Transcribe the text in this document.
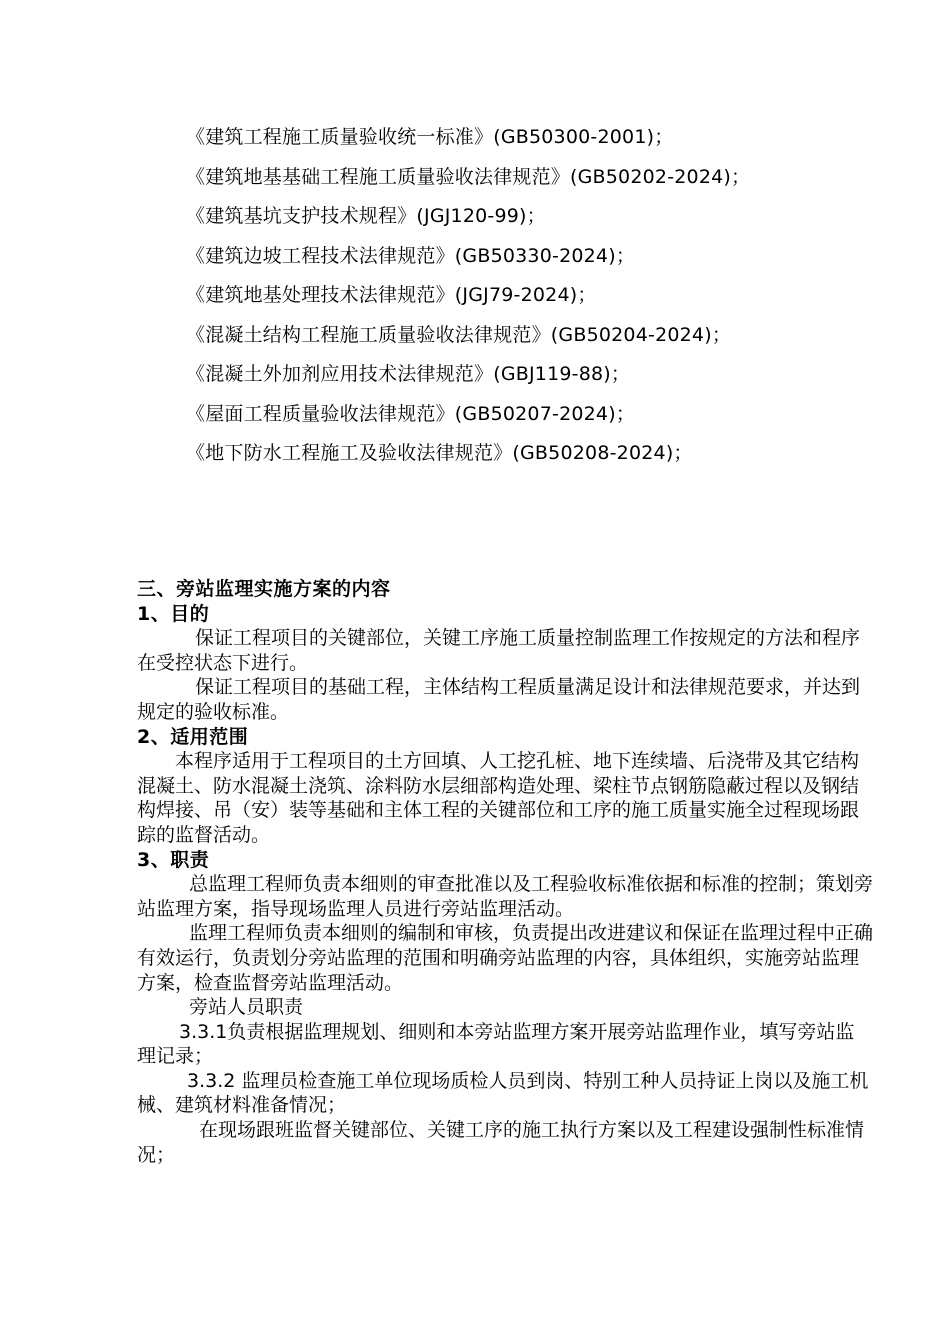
《建筑工程施工质量验收统一标准》(GB50300-2001)；
《建筑地基基础工程施工质量验收法律规范》(GB50202-2024)；
《建筑基坑支护技术规程》(JGJ120-99)；
《建筑边坡工程技术法律规范》(GB50330-2024)；
《建筑地基处理技术法律规范》(JGJ79-2024)；
《混凝土结构工程施工质量验收法律规范》(GB50204-2024)；
《混凝土外加剂应用技术法律规范》(GBJ119-88)；
《屋面工程质量验收法律规范》(GB50207-2024)；
《地下防水工程施工及验收法律规范》(GB50208-2024)；

三、旁站监理实施方案的内容

1、目的

保证工程项目的关键部位，关键工序施工质量控制监理工作按规定的方法和程序在受控状态下进行。

保证工程项目的基础工程，主体结构工程质量满足设计和法律规范要求，并达到规定的验收标准。

2、适用范围

本程序适用于工程项目的土方回填、人工挖孔桩、地下连续墙、后浇带及其它结构混凝土、防水混凝土浇筑、涂料防水层细部构造处理、梁柱节点钢筋隐蔽过程以及钢结构焊接、吊（安）装等基础和主体工程的关键部位和工序的施工质量实施全过程现场跟踪的监督活动。

3、职责

总监理工程师负责本细则的审查批准以及工程验收标准依据和标准的控制；策划旁站监理方案，指导现场监理人员进行旁站监理活动。

监理工程师负责本细则的编制和审核，负责提出改进建议和保证在监理过程中正确有效运行，负责划分旁站监理的范围和明确旁站监理的内容，具体组织，实施旁站监理方案，检查监督旁站监理活动。

旁站人员职责

3.3.1负责根据监理规划、细则和本旁站监理方案开展旁站监理作业，填写旁站监理记录；

3.3.2 监理员检查施工单位现场质检人员到岗、特别工种人员持证上岗以及施工机械、建筑材料准备情况；

在现场跟班监督关键部位、关键工序的施工执行方案以及工程建设强制性标准情况；
